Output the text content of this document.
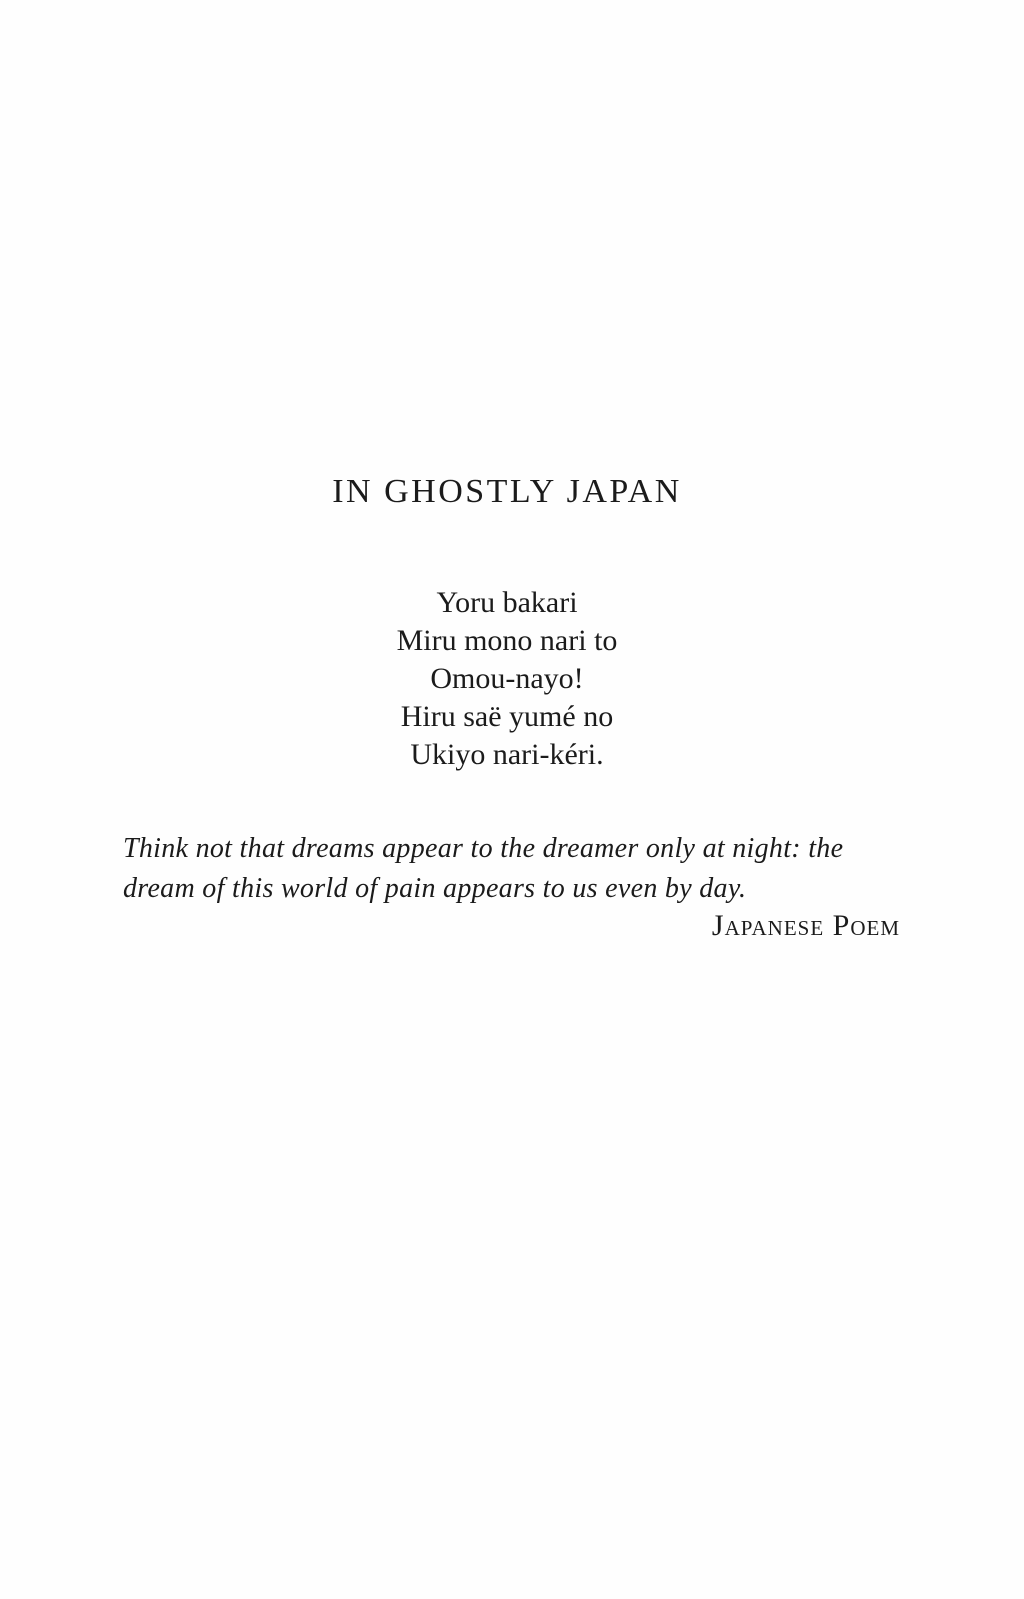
IN GHOSTLY JAPAN
Yoru bakari
Miru mono nari to
Omou-nayo!
Hiru saë yumé no
Ukiyo nari-kéri.
Think not that dreams appear to the dreamer only at night: the
dream of this world of pain appears to us even by day.
Japanese Poem
